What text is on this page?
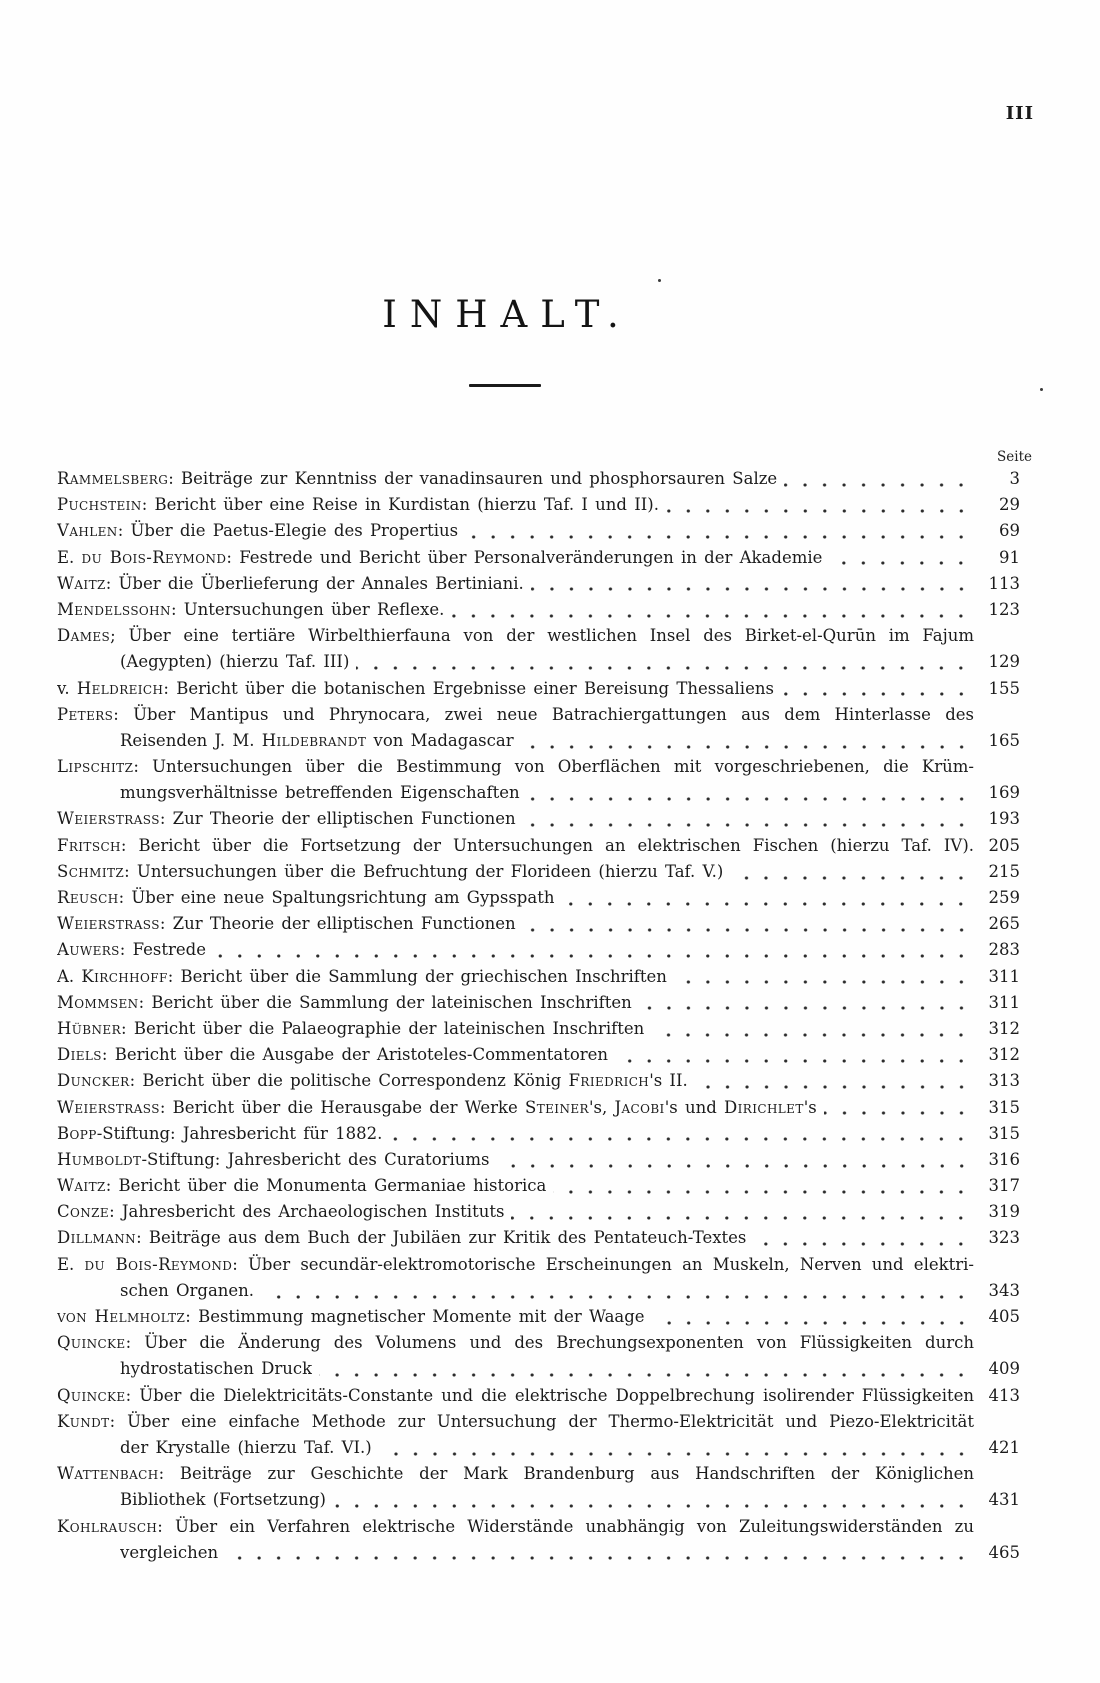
III
INHALT.
Seite
Rammelsberg: Beiträge zur Kenntniss der vanadinsauren und phosphorsauren Salze	3
Puchstein: Bericht über eine Reise in Kurdistan (hierzu Taf. I und II).	29
Vahlen: Über die Paetus-Elegie des Propertius	69
E. du Bois-Reymond: Festrede und Bericht über Personalveränderungen in der Akademie	91
Waitz: Über die Überlieferung der Annales Bertiniani.	113
Mendelssohn: Untersuchungen über Reflexe.	123
Dames; Über eine tertiäre Wirbelthierfauna von der westlichen Insel des Birket-el-Qurūn im Fajum
(Aegypten) (hierzu Taf. III)	129
v. Heldreich: Bericht über die botanischen Ergebnisse einer Bereisung Thessaliens	155
Peters: Über Mantipus und Phrynocara, zwei neue Batrachiergattungen aus dem Hinterlasse des
Reisenden J. M. Hildebrandt von Madagascar	165
Lipschitz: Untersuchungen über die Bestimmung von Oberflächen mit vorgeschriebenen, die Krüm-
mungsverhältnisse betreffenden Eigenschaften	169
Weierstrass: Zur Theorie der elliptischen Functionen	193
Fritsch: Bericht über die Fortsetzung der Untersuchungen an elektrischen Fischen (hierzu Taf. IV). 205
Schmitz: Untersuchungen über die Befruchtung der Florideen (hierzu Taf. V.)	215
Reusch: Über eine neue Spaltungsrichtung am Gypsspath	259
Weierstrass: Zur Theorie der elliptischen Functionen	265
Auwers: Festrede	283
A. Kirchhoff: Bericht über die Sammlung der griechischen Inschriften	311
Mommsen: Bericht über die Sammlung der lateinischen Inschriften	311
Hübner: Bericht über die Palaeographie der lateinischen Inschriften	312
Diels: Bericht über die Ausgabe der Aristoteles-Commentatoren	312
Duncker: Bericht über die politische Correspondenz König Friedrich's II.	313
Weierstrass: Bericht über die Herausgabe der Werke Steiner's, Jacobi's und Dirichlet's	315
Bopp-Stiftung: Jahresbericht für 1882.	315
Humboldt-Stiftung: Jahresbericht des Curatoriums	316
Waitz: Bericht über die Monumenta Germaniae historica	317
Conze: Jahresbericht des Archaeologischen Instituts	319
Dillmann: Beiträge aus dem Buch der Jubiläen zur Kritik des Pentateuch-Textes	323
E. du Bois-Reymond: Über secundär-elektromotorische Erscheinungen an Muskeln, Nerven und elektri-
schen Organen.	343
von Helmholtz: Bestimmung magnetischer Momente mit der Waage	405
Quincke: Über die Änderung des Volumens und des Brechungsexponenten von Flüssigkeiten durch
hydrostatischen Druck	409
Quincke: Über die Dielektricitäts-Constante und die elektrische Doppelbrechung isolirender Flüssigkeiten 413
Kundt: Über eine einfache Methode zur Untersuchung der Thermo-Elektricität und Piezo-Elektricität
der Krystalle (hierzu Taf. VI.)	421
Wattenbach: Beiträge zur Geschichte der Mark Brandenburg aus Handschriften der Königlichen
Bibliothek (Fortsetzung)	431
Kohlrausch: Über ein Verfahren elektrische Widerstände unabhängig von Zuleitungswiderständen zu
vergleichen	465
